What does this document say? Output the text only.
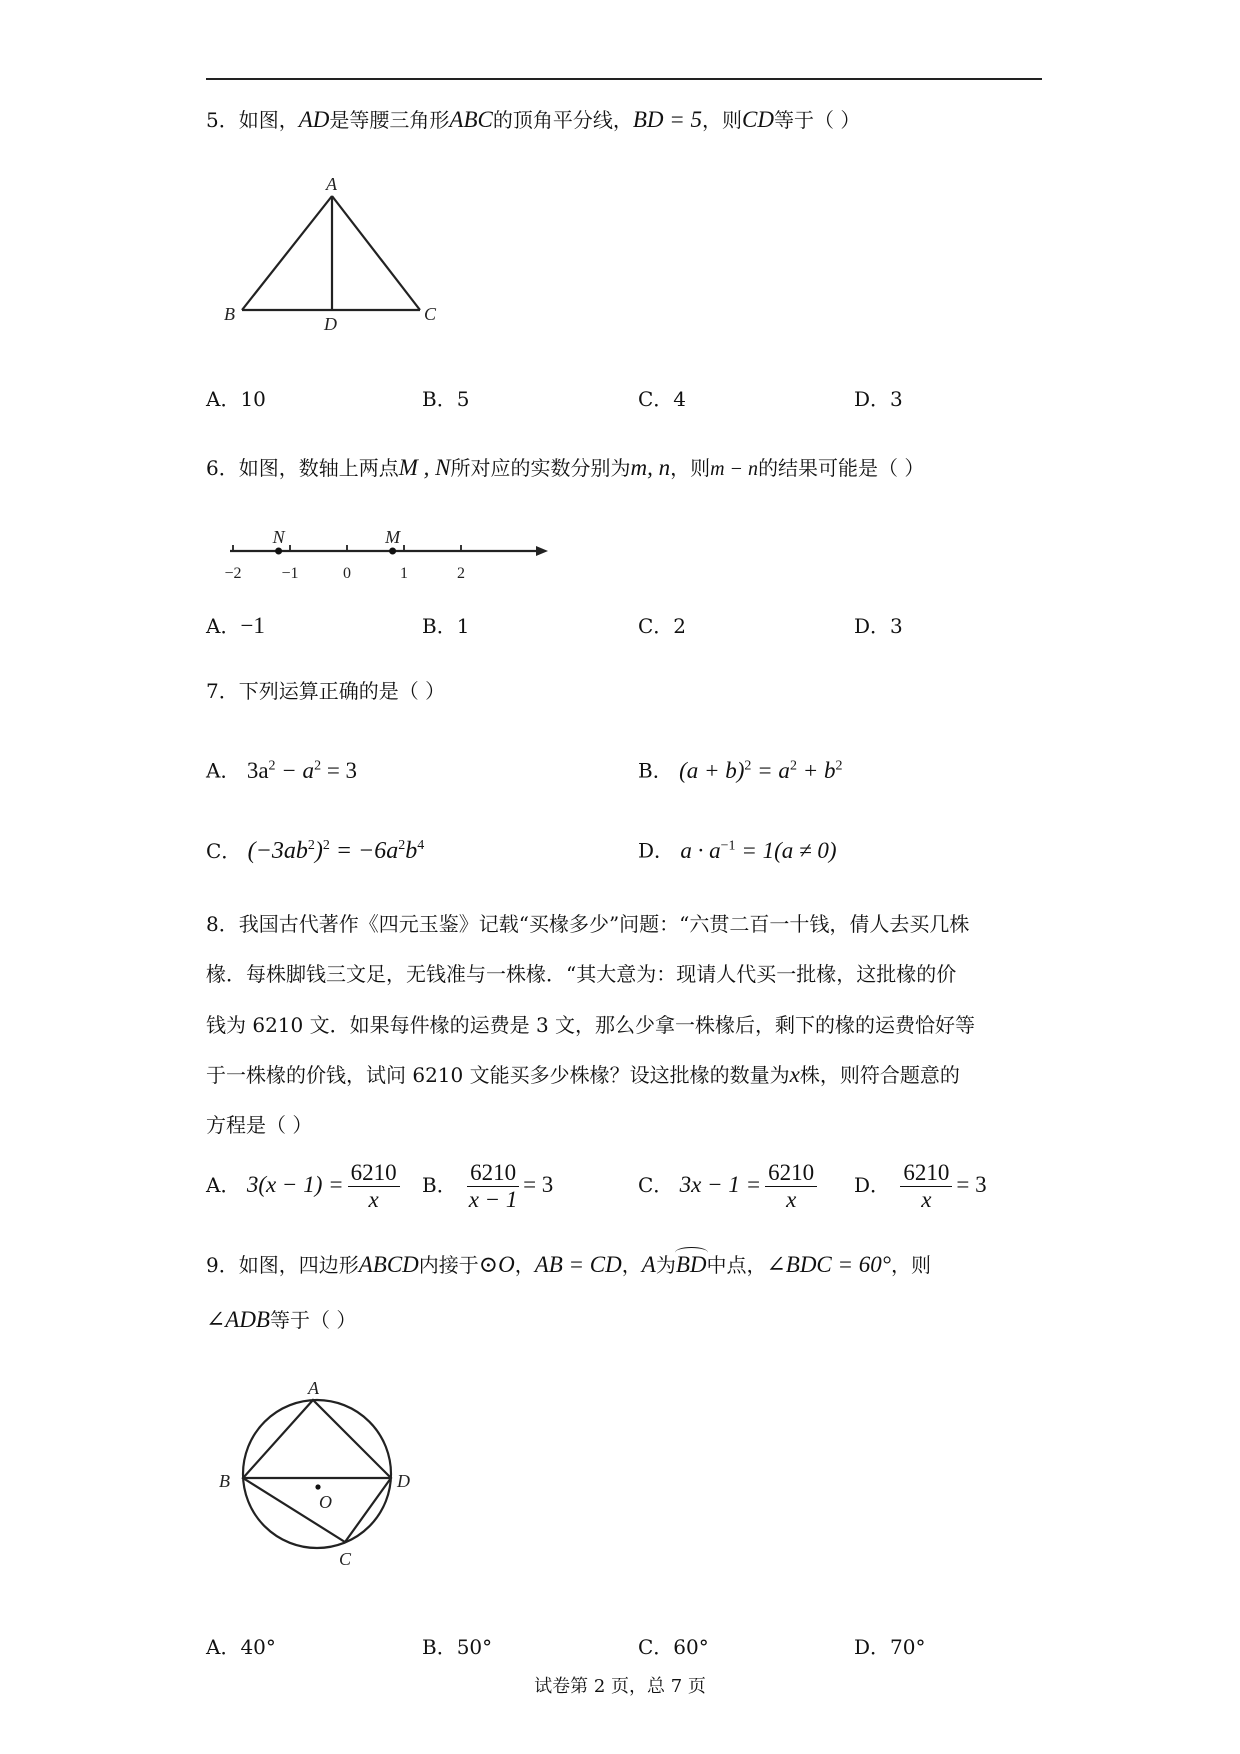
5．如图，AD是等腰三角形ABC的顶角平分线，BD = 5，则CD等于（ ）
A
B	C
D
A．10	B．5	C．4	D．3
6．如图，数轴上两点M , N所对应的实数分别为m, n，则m − n的结果可能是（ ）
−2 −1	0	1	2
N	M
A．−1	B．1	C．2	D．3
7．下列运算正确的是（ ）
A． $3a^2 - a^2 = 3$	B． $(a + b)^2 = a^2 + b^2$
C． $(-3ab^2)^2 = -6a^2b^4$	D． $a \cdot a^{-1} = 1(a \ne 0)$
8．我国古代著作《四元玉鉴》记载“买椽多少”问题：“六贯二百一十钱，倩人去买几株
椽．每株脚钱三文足，无钱准与一株椽．“其大意为：现请人代买一批椽，这批椽的价
钱为 6210 文．如果每件椽的运费是 3 文，那么少拿一株椽后，剩下的椽的运费恰好等
于一株椽的价钱，试问 6210 文能买多少株椽？设这批椽的数量为x株，则符合题意的
方程是（ ）
A． $3(x - 1) = \frac{6210}{x}$ B． $\frac{6210}{x - 1} = 3$	C． $3x - 1 = \frac{6210}{x}$ D． $\frac{6210}{x} = 3$
9．如图，四边形ABCD内接于⊙O，AB = CD，A为BD中点，∠BDC = 60°，则
∠ADB等于（ ）
A
B	D
C
O
A．40°	B．50°	C．60°	D．70°
试卷第 2 页，总 7 页
